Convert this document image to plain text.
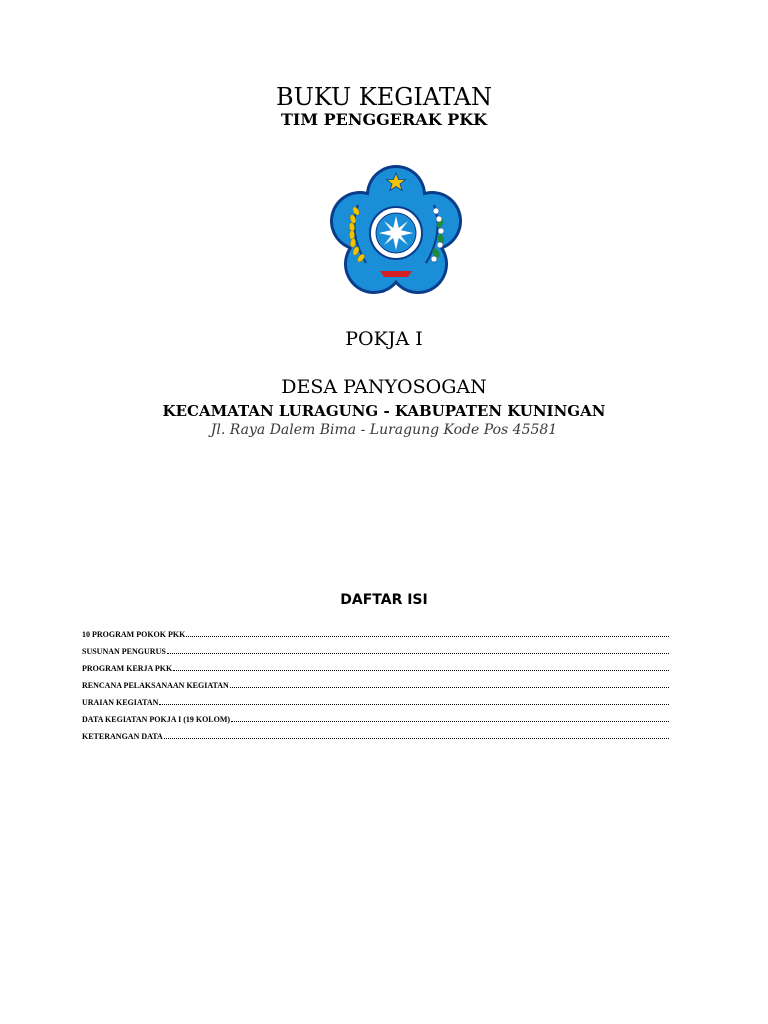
BUKU KEGIATAN
TIM PENGGERAK PKK
POKJA I
DESA PANYOSOGAN
KECAMATAN LURAGUNG - KABUPATEN KUNINGAN
Jl. Raya Dalem Bima - Luragung Kode Pos 45581
DAFTAR ISI
10 PROGRAM POKOK PKK
SUSUNAN PENGURUS
PROGRAM KERJA PKK
RENCANA PELAKSANAAN KEGIATAN
URAIAN KEGIATAN
DATA KEGIATAN POKJA I (19 KOLOM)
KETERANGAN DATA
